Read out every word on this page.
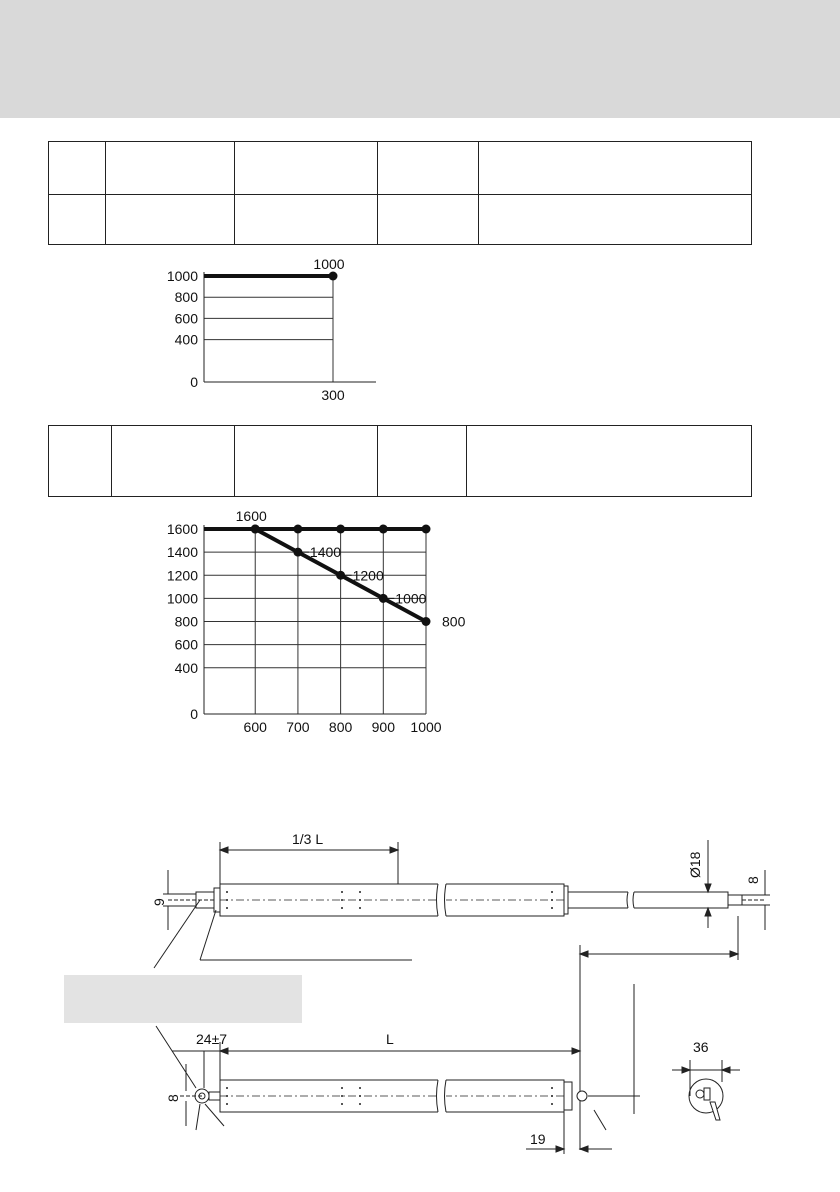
0
400
600
800
1000
300
1000
0
400
600
800
1000
1200
1400
1600
600 700 800 900 1000
1600
1400
1200
1000
800
1/3 L
Ø18
8
9
24±7	L
8
19
36
